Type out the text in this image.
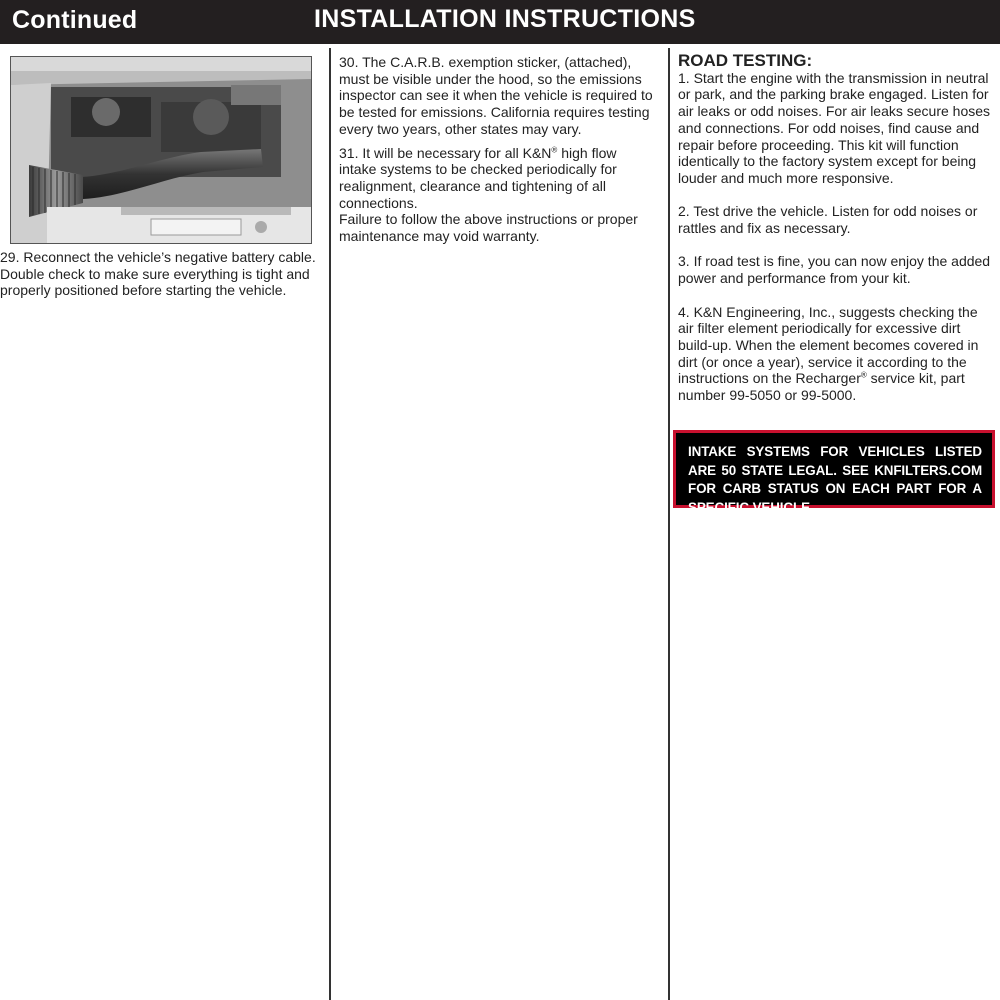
Continued	INSTALLATION INSTRUCTIONS

29. Reconnect the vehicle’s negative battery cable. Double check to make sure everything is tight and properly positioned before starting the vehicle.

30. The C.A.R.B. exemption sticker, (attached), must be visible under the hood, so the emissions inspector can see it when the vehicle is required to be tested for emissions. California requires testing every two years, other states may vary.

31. It will be necessary for all K&N® high flow intake systems to be checked periodically for realignment, clearance and tightening of all connections.

Failure to follow the above instructions or proper maintenance may void warranty.

ROAD TESTING:

1. Start the engine with the transmission in neutral or park, and the parking brake engaged. Listen for air leaks or odd noises. For air leaks secure hoses and connections. For odd noises, find cause and repair before proceeding. This kit will function identically to the factory system except for being louder and much more responsive.

2. Test drive the vehicle. Listen for odd noises or rattles and fix as necessary.

3. If road test is fine, you can now enjoy the added power and performance from your kit.

4. K&N Engineering, Inc., suggests checking the air filter element periodically for excessive dirt build-up. When the element becomes covered in dirt (or once a year), service it according to the instructions on the Recharger® service kit, part number 99-5050 or 99-5000.

INTAKE SYSTEMS FOR VEHICLES LISTED ARE 50 STATE LEGAL. SEE KNFILTERS.COM FOR CARB STATUS ON EACH PART FOR A SPECIFIC VEHICLE.
